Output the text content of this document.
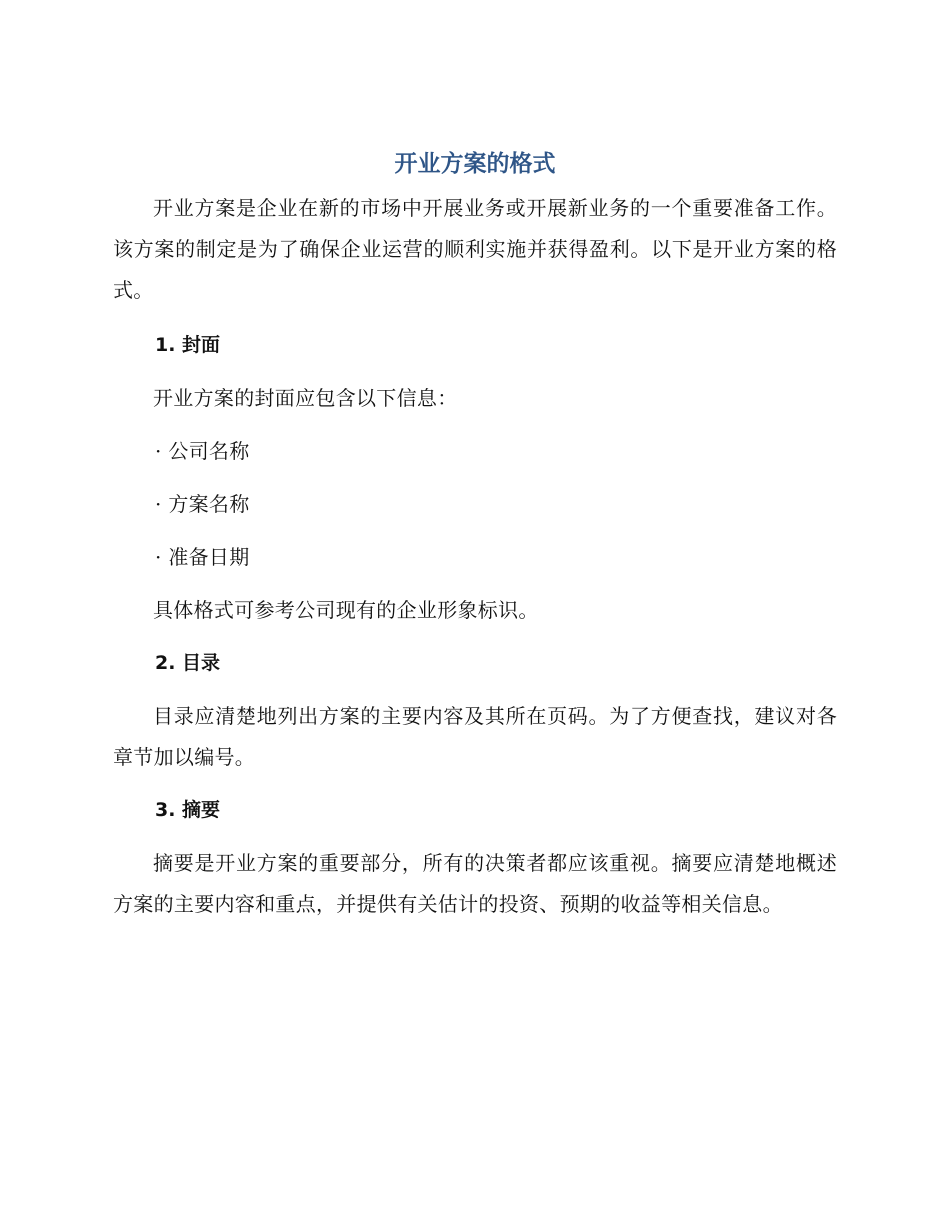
开业方案的格式

开业方案是企业在新的市场中开展业务或开展新业务的一个重要准备工作。该方案的制定是为了确保企业运营的顺利实施并获得盈利。以下是开业方案的格式。

1. 封面

开业方案的封面应包含以下信息：

· 公司名称

· 方案名称

· 准备日期

具体格式可参考公司现有的企业形象标识。

2. 目录

目录应清楚地列出方案的主要内容及其所在页码。为了方便查找，建议对各章节加以编号。

3. 摘要

摘要是开业方案的重要部分，所有的决策者都应该重视。摘要应清楚地概述方案的主要内容和重点，并提供有关估计的投资、预期的收益等相关信息。
